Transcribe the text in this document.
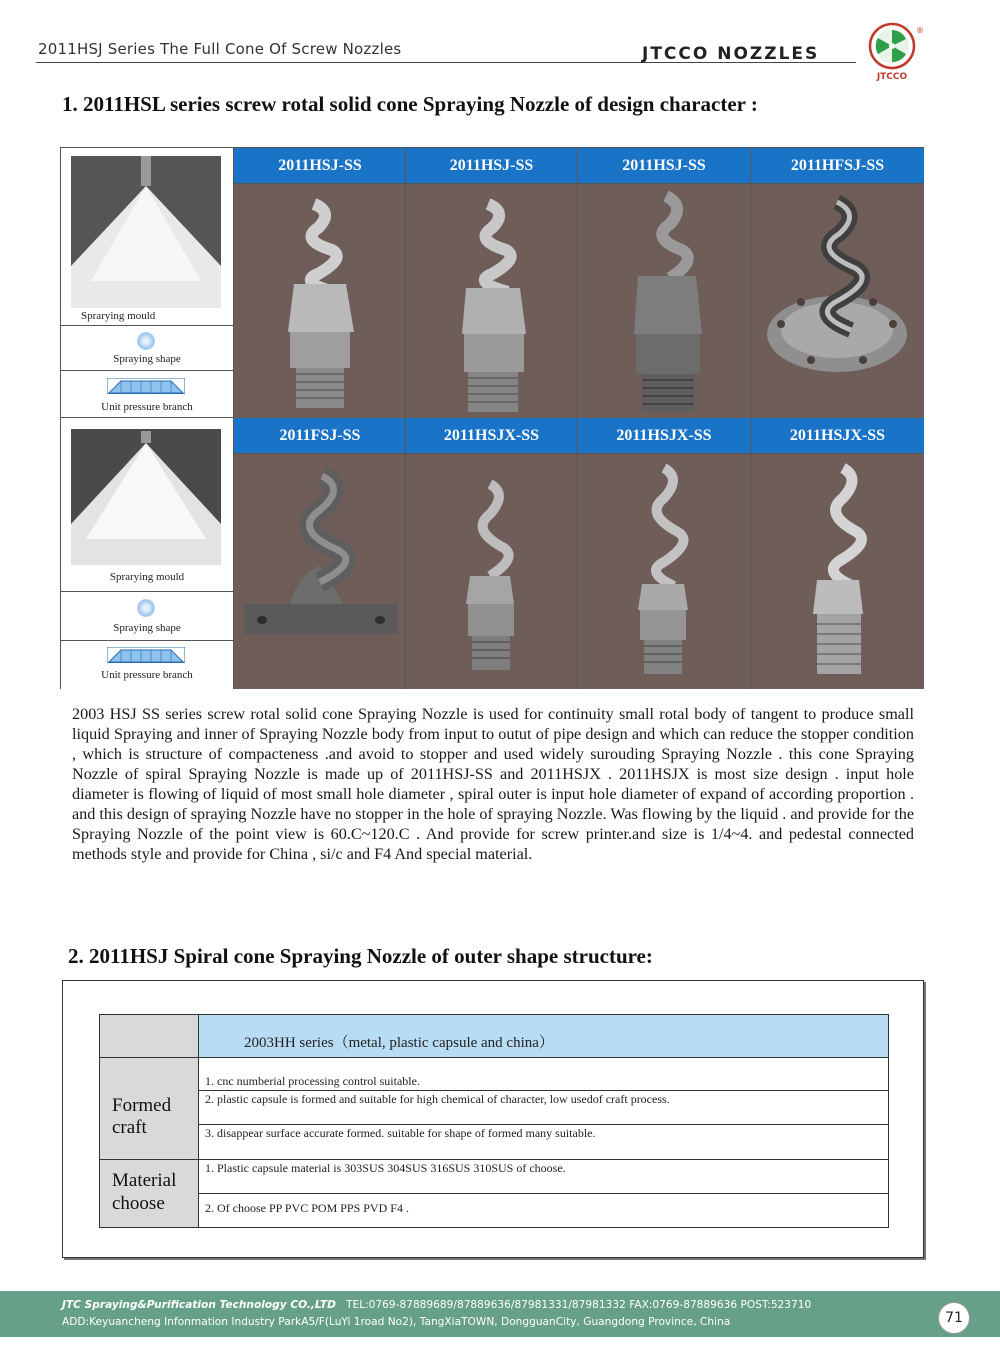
2011HSJ Series The Full Cone Of Screw Nozzles	JTCCO NOZZLES
®
JTCCO
1. 2011HSL series screw rotal solid cone Spraying Nozzle of design character :
Sprarying mould
Spraying shape
Unit pressure branch
Sprarying mould
Spraying shape
Unit pressure branch
2011HSJ-SS	2011HSJ-SS	2011HSJ-SS	2011HFSJ-SS
2011FSJ-SS	2011HSJX-SS	2011HSJX-SS	2011HSJX-SS
2003 HSJ SS series screw rotal solid cone Spraying Nozzle is used for continuity small rotal body of tangent to produce small liquid Spraying and inner of Spraying Nozzle body from input to outut of pipe design and which can reduce the stopper condition , which is structure of compacteness .and avoid to stopper and used widely surouding Spraying Nozzle . this cone Spraying Nozzle of spiral Spraying Nozzle is made up of 2011HSJ-SS and 2011HSJX . 2011HSJX is most size design . input hole diameter is flowing of liquid of most small hole diameter , spiral outer is input hole diameter of expand of according proportion . and this design of spraying Nozzle have no stopper in the hole of spraying Nozzle. Was flowing by the liquid . and provide for the Spraying Nozzle of the point view is 60.C~120.C . And provide for screw printer.and size is 1/4~4. and pedestal connected methods style and provide for China , si/c and F4 And special material.
2. 2011HSJ Spiral cone Spraying Nozzle of outer shape structure:
2003HH series（metal, plastic capsule and china）
Formed
craft
1. cnc numberial processing control suitable.
2. plastic capsule is formed and suitable for high chemical of character, low usedof craft process.
3. disappear surface accurate formed. suitable for shape of formed many suitable.
Material
choose
1. Plastic capsule material is 303SUS 304SUS 316SUS 310SUS of choose.
2. Of choose PP PVC POM PPS PVD F4 .
JTC Spraying&Purification Technology CO.,LTD TEL:0769-87889689/87889636/87981331/87981332 FAX:0769-87889636 POST:523710
ADD:Keyuancheng Infonmation Industry ParkA5/F(LuYi 1road No2), TangXiaTOWN, DongguanCity, Guangdong Province, China	71
